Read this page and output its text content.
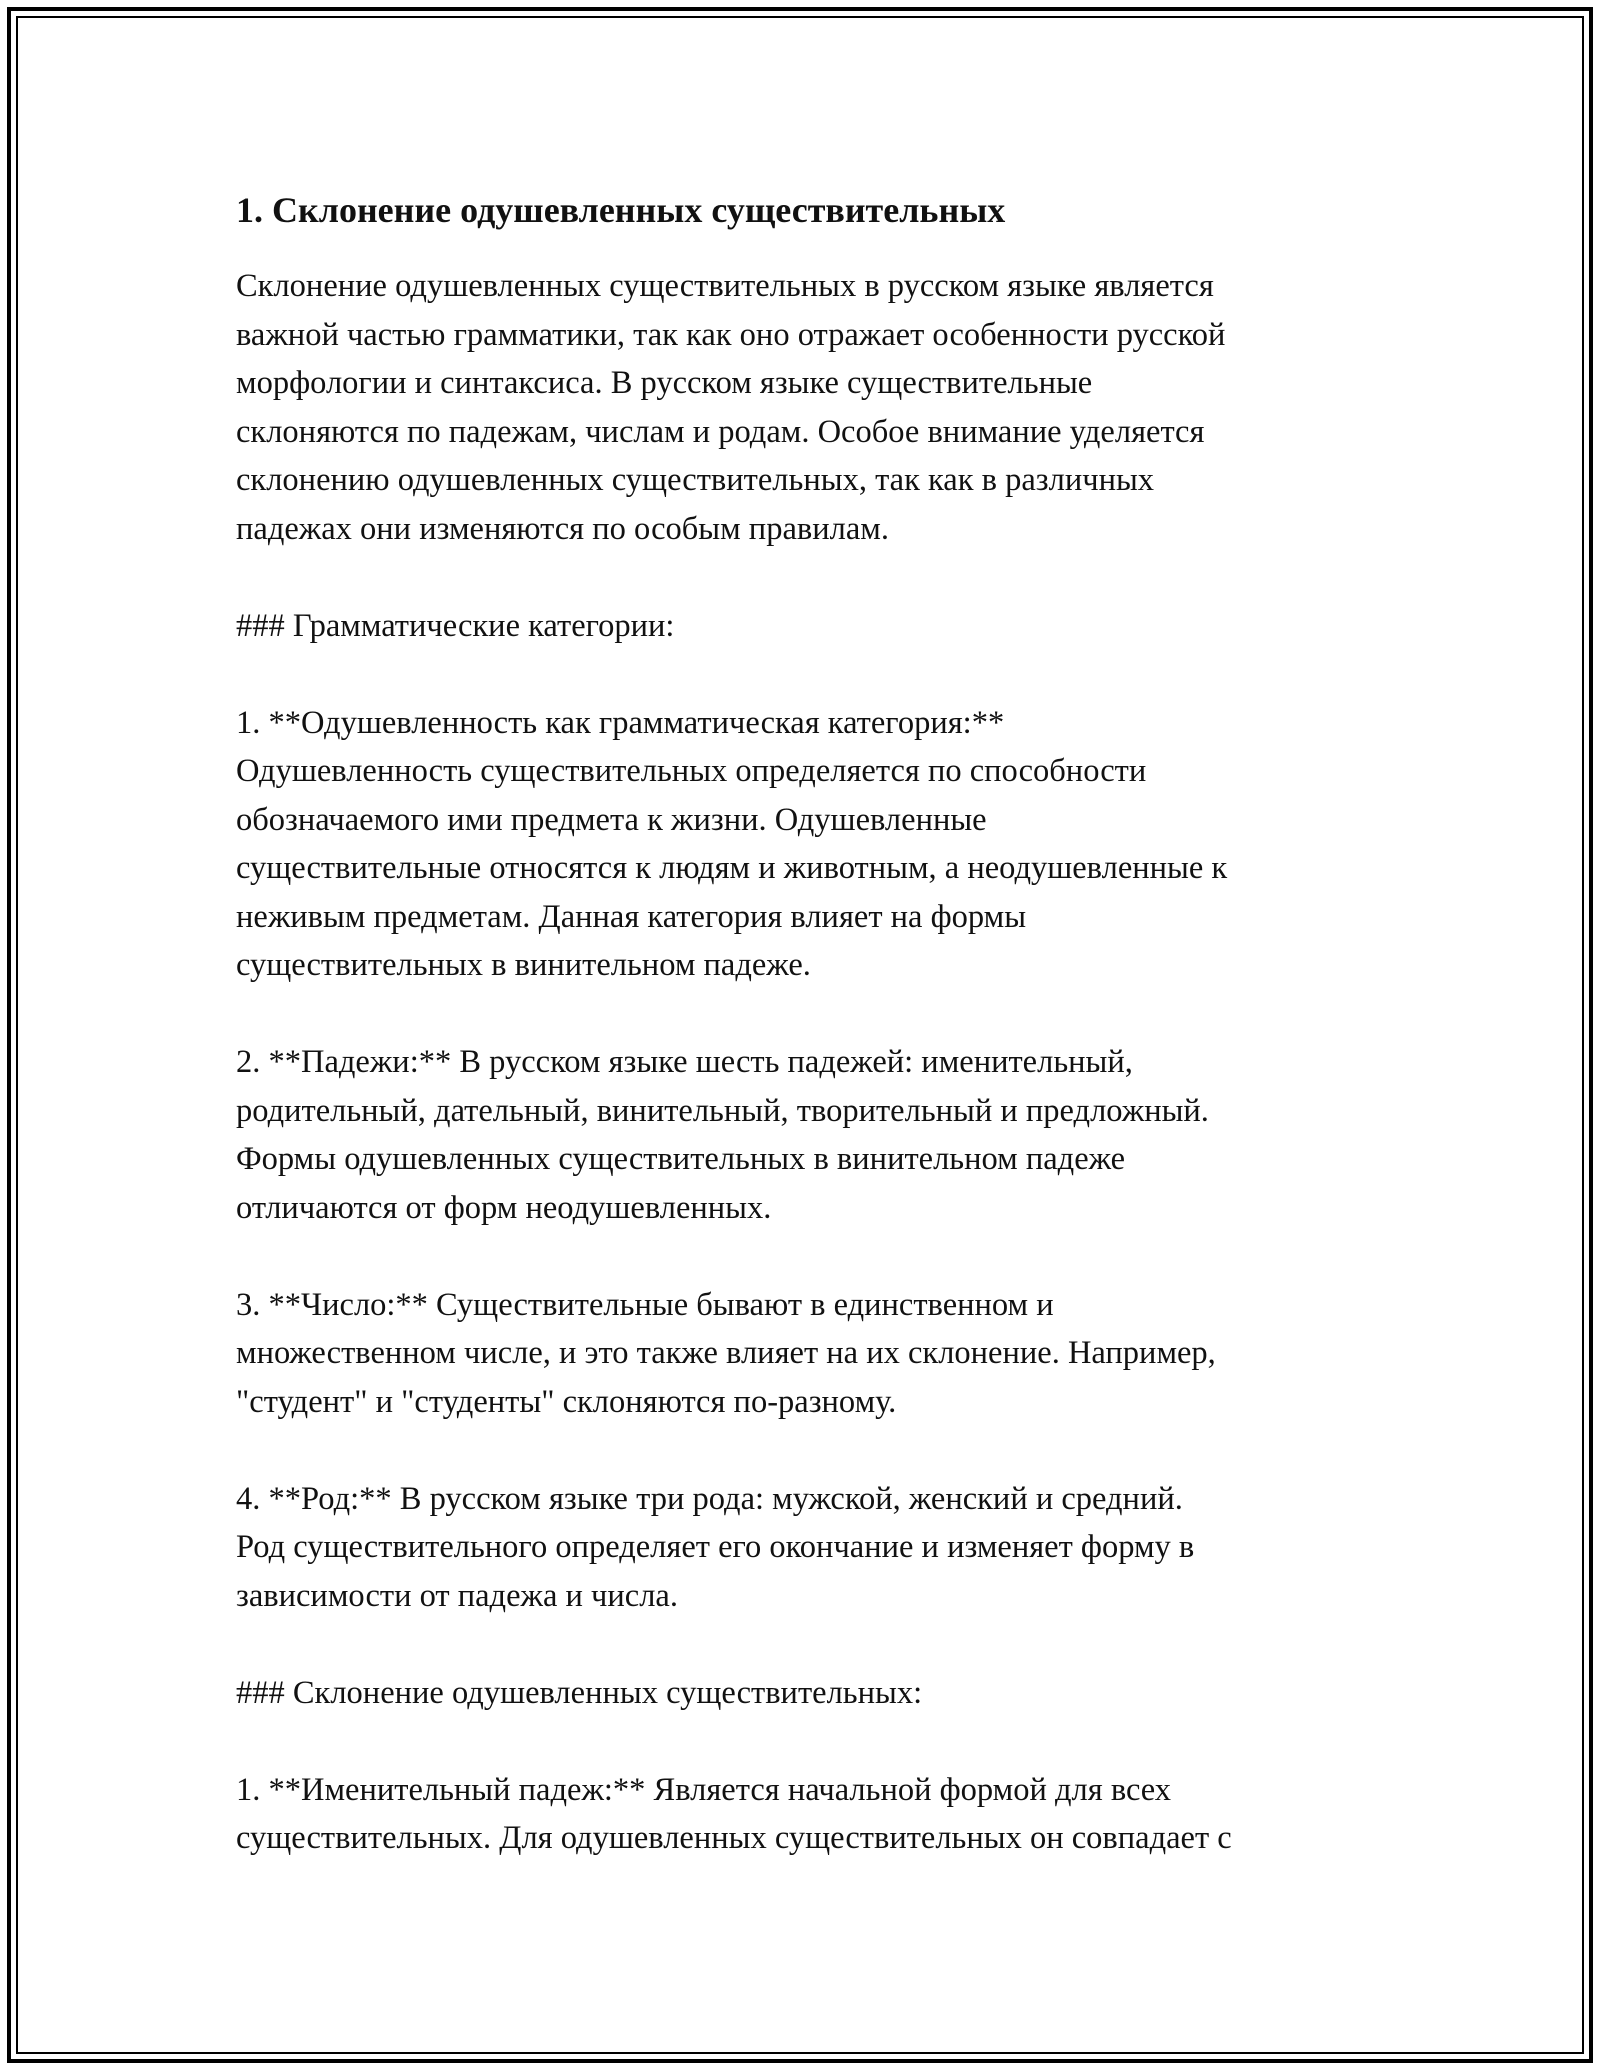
1. Склонение одушевленных существительных
Склонение одушевленных существительных в русском языке является
важной частью грамматики, так как оно отражает особенности русской
морфологии и синтаксиса. В русском языке существительные
склоняются по падежам, числам и родам. Особое внимание уделяется
склонению одушевленных существительных, так как в различных
падежах они изменяются по особым правилам.
### Грамматические категории:
1. **Одушевленность как грамматическая категория:**
Одушевленность существительных определяется по способности
обозначаемого ими предмета к жизни. Одушевленные
существительные относятся к людям и животным, а неодушевленные к
неживым предметам. Данная категория влияет на формы
существительных в винительном падеже.
2. **Падежи:** В русском языке шесть падежей: именительный,
родительный, дательный, винительный, творительный и предложный.
Формы одушевленных существительных в винительном падеже
отличаются от форм неодушевленных.
3. **Число:** Существительные бывают в единственном и
множественном числе, и это также влияет на их склонение. Например,
"студент" и "студенты" склоняются по-разному.
4. **Род:** В русском языке три рода: мужской, женский и средний.
Род существительного определяет его окончание и изменяет форму в
зависимости от падежа и числа.
### Склонение одушевленных существительных:
1. **Именительный падеж:** Является начальной формой для всех
существительных. Для одушевленных существительных он совпадает с
